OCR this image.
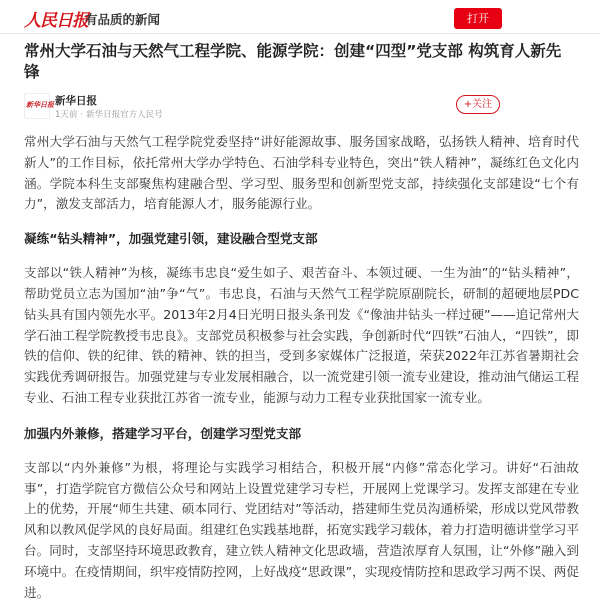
人民日报
有品质的新闻	打开
常州大学石油与天然气工程学院、能源学院：创建“四型”党支部 构筑育人新先锋
新华日报 新华日报
1天前 · 新华日报官方人民号
+关注

常州大学石油与天然气工程学院党委坚持“讲好能源故事、服务国家战略，弘扬铁人精神、培育时代新人”的工作目标，依托常州大学办学特色、石油学科专业特色，突出“铁人精神”，凝练红色文化内涵。学院本科生支部聚焦构建融合型、学习型、服务型和创新型党支部，持续强化支部建设“七个有力”，激发支部活力，培育能源人才，服务能源行业。

凝练“钻头精神”，加强党建引领，建设融合型党支部

支部以“铁人精神”为核，凝练韦忠良“爱生如子、艰苦奋斗、本领过硬、一生为油”的“钻头精神”，帮助党员立志为国加“油”争“气”。韦忠良，石油与天然气工程学院原副院长，研制的超硬地层PDC钻头具有国内领先水平。2013年2月4日光明日报头条刊发《“像油井钻头一样过硬”——追记常州大学石油工程学院教授韦忠良》。支部党员积极参与社会实践，争创新时代“四铁”石油人，“四铁”，即铁的信仰、铁的纪律、铁的精神、铁的担当，受到多家媒体广泛报道，荣获2022年江苏省暑期社会实践优秀调研报告。加强党建与专业发展相融合，以一流党建引领一流专业建设，推动油气储运工程专业、石油工程专业获批江苏省一流专业，能源与动力工程专业获批国家一流专业。

加强内外兼修，搭建学习平台，创建学习型党支部

支部以“内外兼修”为根，将理论与实践学习相结合，积极开展“内修”常态化学习。讲好“石油故事”，打造学院官方微信公众号和网站上设置党建学习专栏，开展网上党课学习。发挥支部建在专业上的优势，开展“师生共建、硕本同行、党团结对”等活动，搭建师生党员沟通桥梁，形成以党风带教风和以教风促学风的良好局面。组建红色实践基地群，拓宽实践学习载体，着力打造明德讲堂学习平台。同时，支部坚持环境思政教育，建立铁人精神文化思政墙，营造浓厚育人氛围，让“外修”融入到环境中。在疫情期间，织牢疫情防控网，上好战疫“思政课”，实现疫情防控和思政学习两不误、两促进。
